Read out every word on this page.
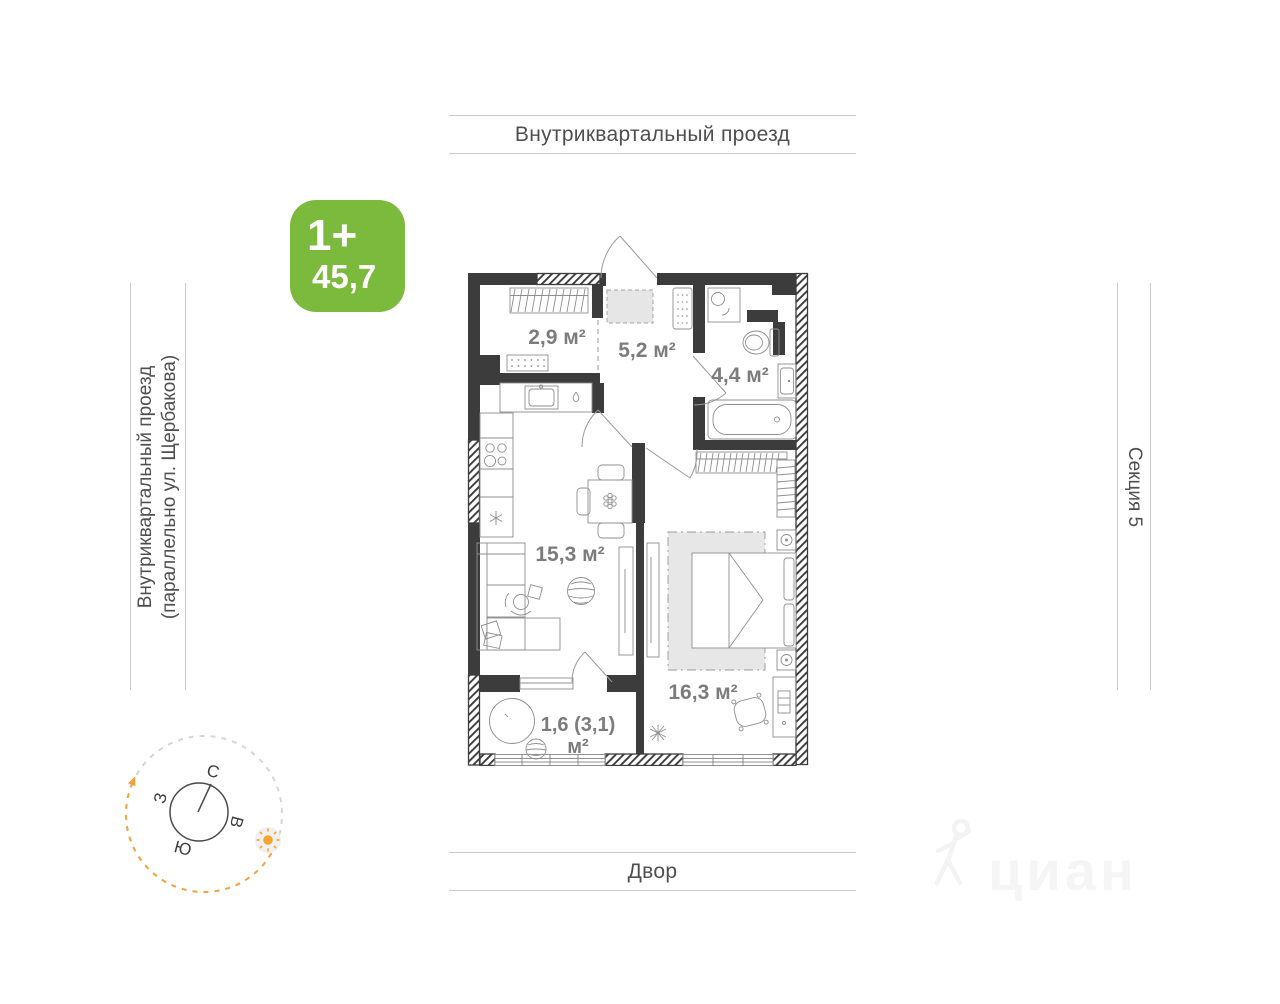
Внутриквартальный проезд
Двор
Внутриквартальный проезд (параллельно ул. Щербакова)	Секция 5
1+
45,7
2,9 м²
5,2 м²
4,4 м²
15,3 м²
16,3 м²
1,6 (3,1)
м²
С
З
В
Ю	циан
